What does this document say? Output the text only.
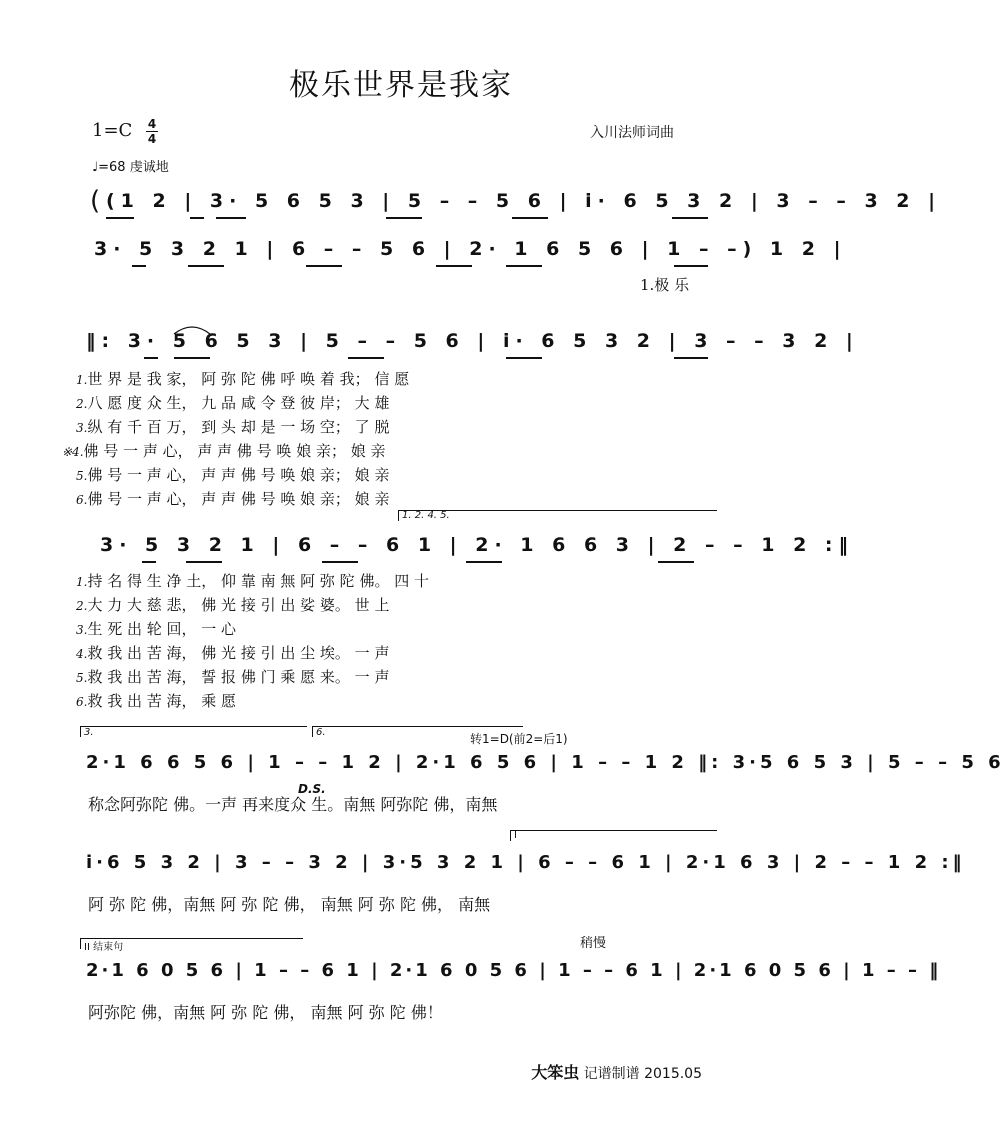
极乐世界是我家
1=C 4
4	入川法师词曲
♩=68 虔诚地
( (1 2 | 3· 5 6 5 3 | 5 – – 5 6 | i· 6 5 3 2 | 3 – – 3 2 |
3· 5 3 2 1 | 6 – – 5 6 | 2· 1 6 5 6 | 1 – –) 1 2 |
1.极 乐
‖: 3· 5 6 5 3 | 5 – – 5 6 | i· 6 5 3 2 | 3 – – 3 2 |
1.世 界 是 我 家， 阿 弥 陀 佛 呼 唤 着 我； 信 愿
2.八 愿 度 众 生， 九 品 咸 令 登 彼 岸； 大 雄
3.纵 有 千 百 万， 到 头 却 是 一 场 空； 了 脱
※4.佛 号 一 声 心， 声 声 佛 号 唤 娘 亲； 娘 亲
5.佛 号 一 声 心， 声 声 佛 号 唤 娘 亲； 娘 亲
6.佛 号 一 声 心， 声 声 佛 号 唤 娘 亲； 娘 亲
1. 2. 4. 5.
3· 5 3 2 1 | 6 – – 6 1 | 2· 1 6 6 3 | 2 – – 1 2 :‖
1.持 名 得 生 净 土， 仰 靠 南 無 阿 弥 陀 佛。 四 十
2.大 力 大 慈 悲， 佛 光 接 引 出 娑 婆。 世 上
3.生 死 出 轮 回， 一 心
4.救 我 出 苦 海， 佛 光 接 引 出 尘 埃。 一 声
5.救 我 出 苦 海， 誓 报 佛 门 乘 愿 来。 一 声
6.救 我 出 苦 海， 乘 愿
3.	6.	转1=D(前2=后1)
2·1 6 6 5 6 | 1 – – 1 2 | 2·1 6 5 6 | 1 – – 1 2 ‖: 3·5 6 5 3 | 5 – – 5 6
D.S.
称念阿弥陀 佛。一声 再来度众 生。南無 阿弥陀 佛，南無
I
i·6 5 3 2 | 3 – – 3 2 | 3·5 3 2 1 | 6 – – 6 1 | 2·1 6 3 | 2 – – 1 2 :‖
阿 弥 陀 佛，南無 阿 弥 陀 佛， 南無 阿 弥 陀 佛， 南無
II 结束句	稍慢
2·1 6 0 5 6 | 1 – – 6 1 | 2·1 6 0 5 6 | 1 – – 6 1 | 2·1 6 0 5 6 | 1 – – ‖
阿弥陀 佛，南無 阿 弥 陀 佛， 南無 阿 弥 陀 佛！
大笨虫 记谱制谱 2015.05
